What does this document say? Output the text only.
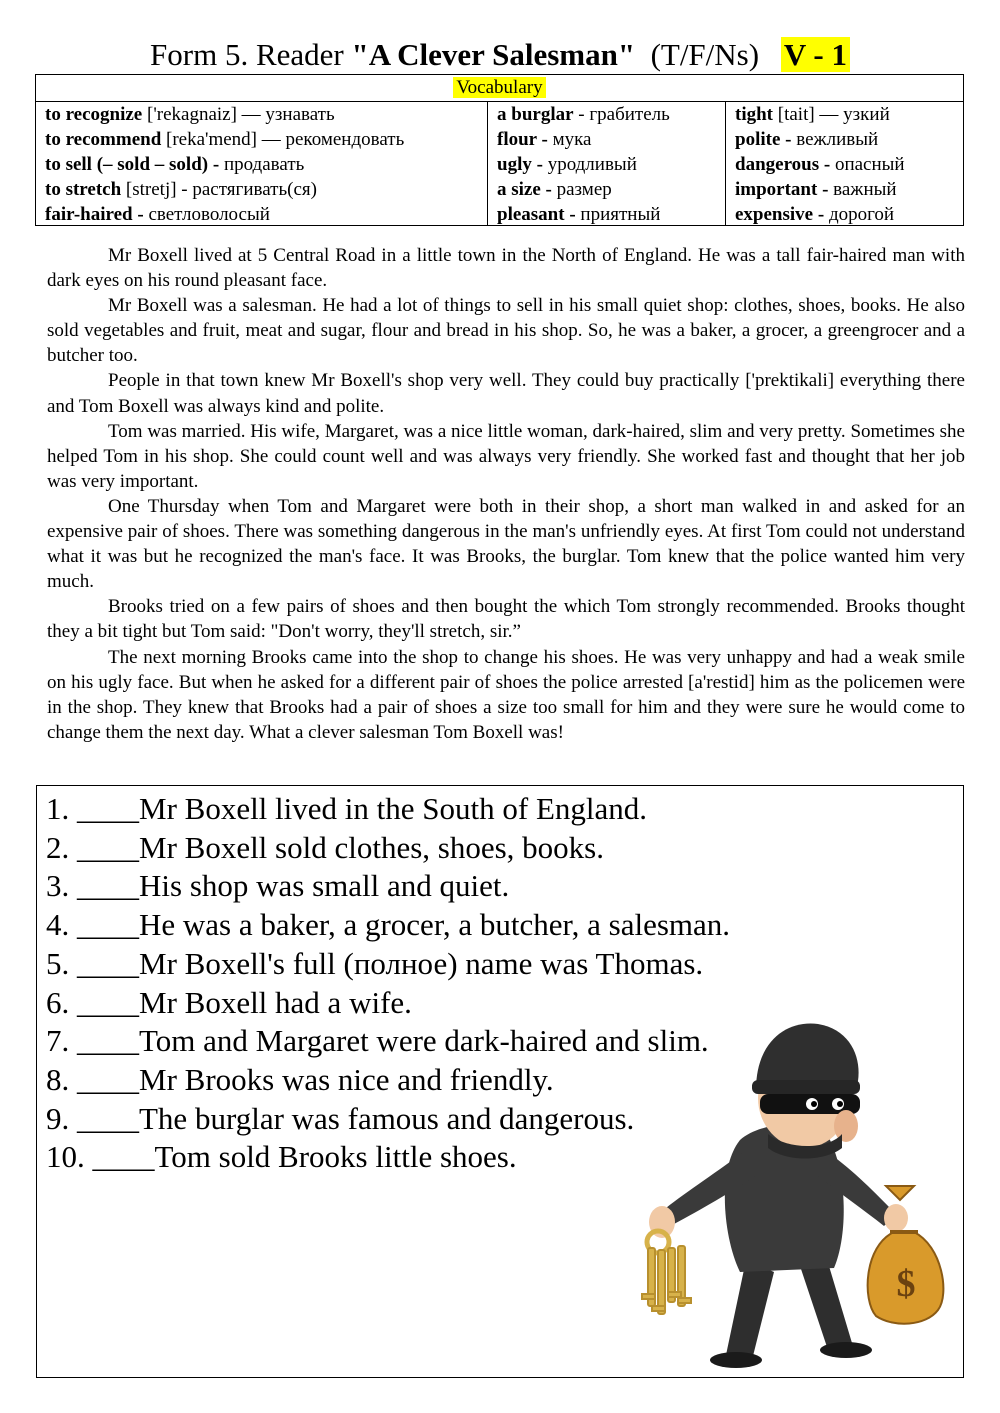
Form 5. Reader "A Clever Salesman" (T/F/Ns) V - 1
Vocabulary
to recognize ['rekagnaiz] — узнавать
to recommend [reka'mend] — рекомендовать
to sell (– sold – sold) - продавать
to stretch [stretj] - растягивать(ся)
fair-haired - светловолосый
a burglar - грабитель
flour - мука
ugly - уродливый
a size - размер
pleasant - приятный
tight [tait] — узкий
polite - вежливый
dangerous - опасный
important - важный
expensive - дорогой

Mr Boxell lived at 5 Central Road in a little town in the North of England. He was a tall fair-haired man with dark eyes on his round pleasant face.

Mr Boxell was a salesman. He had a lot of things to sell in his small quiet shop: clothes, shoes, books. He also sold vegetables and fruit, meat and sugar, flour and bread in his shop. So, he was a baker, a grocer, a greengrocer and a butcher too.

People in that town knew Mr Boxell's shop very well. They could buy practically ['prektikali] everything there and Tom Boxell was always kind and polite.

Tom was married. His wife, Margaret, was a nice little woman, dark-haired, slim and very pretty. Sometimes she helped Tom in his shop. She could count well and was always very friendly. She worked fast and thought that her job was very important.

One Thursday when Tom and Margaret were both in their shop, a short man walked in and asked for an expensive pair of shoes. There was something dangerous in the man's unfriendly eyes. At first Tom could not understand what it was but he recognized the man's face. It was Brooks, the burglar. Tom knew that the police wanted him very much.

Brooks tried on a few pairs of shoes and then bought the which Tom strongly recommended. Brooks thought they a bit tight but Tom said: "Don't worry, they'll stretch, sir.”

The next morning Brooks came into the shop to change his shoes. He was very unhappy and had a weak smile on his ugly face. But when he asked for a different pair of shoes the police arrested [a'restid] him as the policemen were in the shop. They knew that Brooks had a pair of shoes a size too small for him and they were sure he would come to change them the next day. What a clever salesman Tom Boxell was!

1. ____Mr Boxell lived in the South of England.
2. ____Mr Boxell sold clothes, shoes, books.
3. ____His shop was small and quiet.
4. ____He was a baker, a grocer, a butcher, a salesman.
5. ____Mr Boxell's full (полное) name was Thomas.
6. ____Mr Boxell had a wife.
7. ____Tom and Margaret were dark-haired and slim.
8. ____Mr Brooks was nice and friendly.
9. ____The burglar was famous and dangerous.
10. ____Tom sold Brooks little shoes.
$
